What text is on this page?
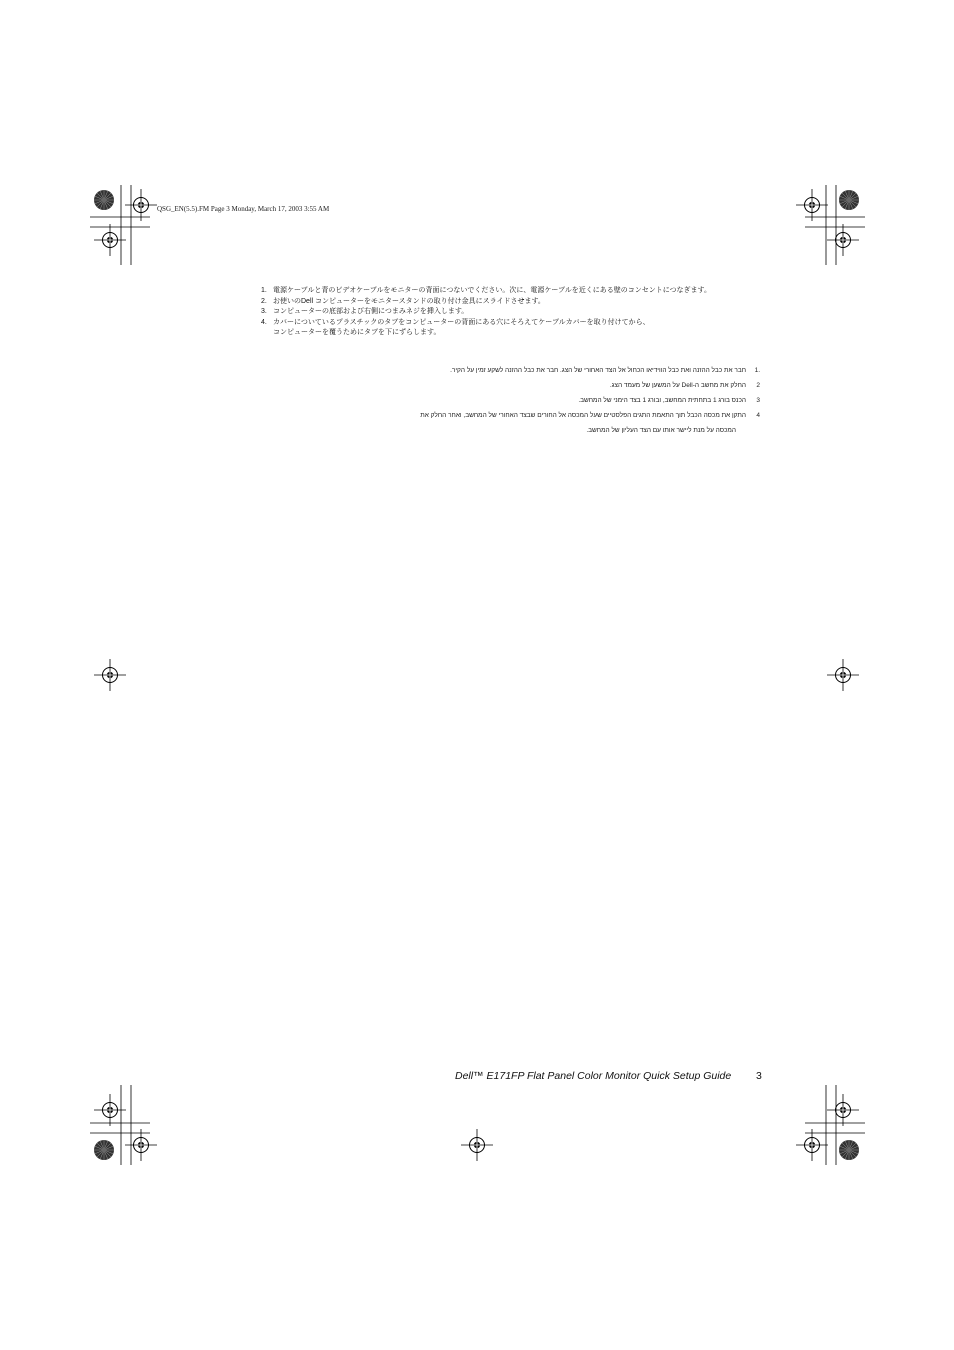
QSG_EN(5.5).FM Page 3 Monday, March 17, 2003 3:55 AM
1. 電源ケーブルと青のビデオケーブルをモニターの背面につないでください。次に、電源ケーブルを近くにある壁のコンセントにつなぎます。
2. お使いのDell コンピューターをモニタースタンドの取り付け金具にスライドさせます。
3. コンピューターの底部および右側につまみネジを挿入します。
4. カバーについているプラスチックのタブをコンピューターの背面にある穴にそろえてケーブルカバーを取り付けてから、
コンピューターを覆うためにタブを下にずらします。
1.
חבר את כבל ההזנה ואת כבל הווידיאו הכחול אל הצד האחורי של הצג. חבר את כבל ההזנה לשקע זמין על הקיר.
2
החלק את מחשב ה-Dell על המשען של מעמד הצג.
3
הכנס בורג 1 בתחתית המחשב, ובורג 1 בצד הימני של המחשב.
4
התקן את מכסה הכבל תוך התאמת התגים הפלסטיים שעל המכסה אל החורים שבצד האחורי של המחשב, ואחר החלק את
המכסה על מנת ליישר אותו עם הצד העליון של המחשב.
Dell™ E171FP Flat Panel Color Monitor Quick Setup Guide 3
